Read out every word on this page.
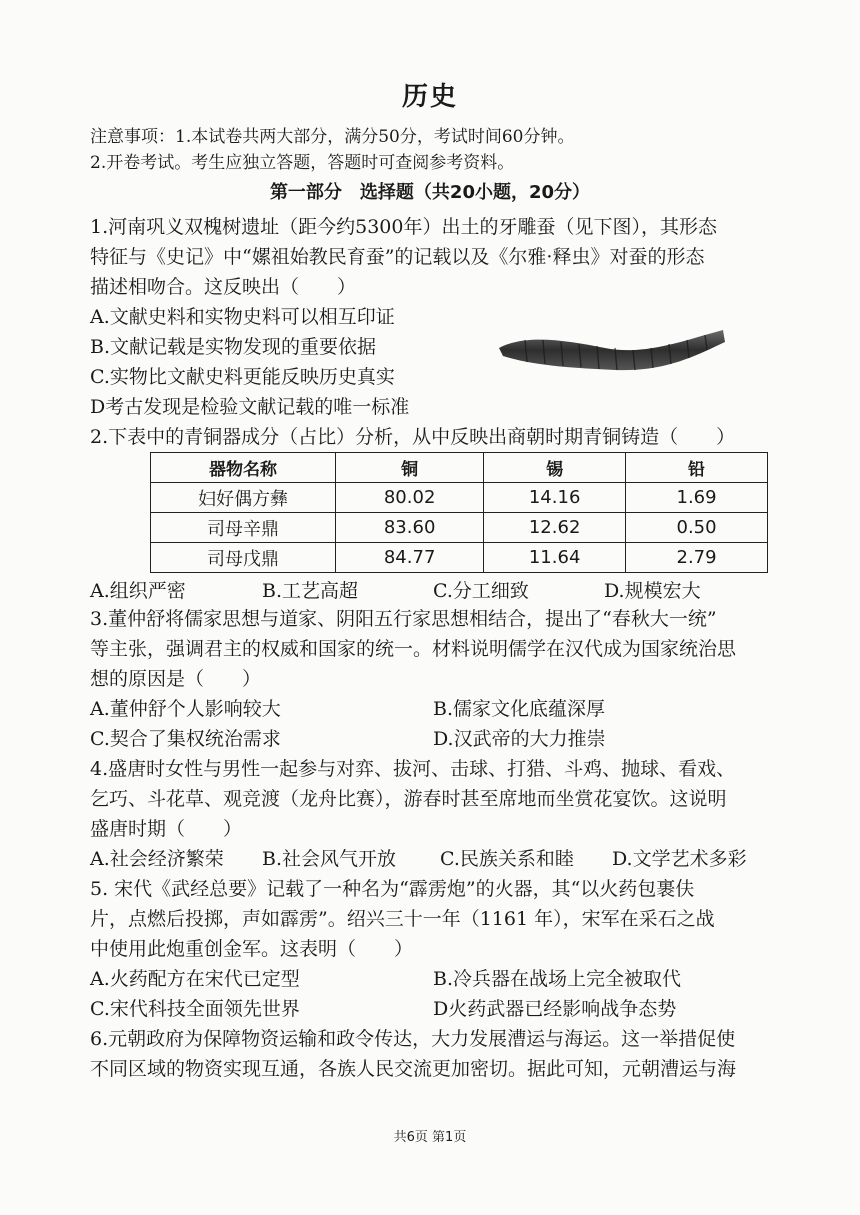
历史
注意事项：1.本试卷共两大部分，满分50分，考试时间60分钟。
2.开卷考试。考生应独立答题，答题时可查阅参考资料。
第一部分　选择题（共20小题，20分）
1.河南巩义双槐树遗址（距今约5300年）出土的牙雕蚕（见下图），其形态
特征与《史记》中“嫘祖始教民育蚕”的记载以及《尔雅·释虫》对蚕的形态
描述相吻合。这反映出（　　）
A.文献史料和实物史料可以相互印证
B.文献记载是实物发现的重要依据
C.实物比文献史料更能反映历史真实
D考古发现是检验文献记载的唯一标准
2.下表中的青铜器成分（占比）分析，从中反映出商朝时期青铜铸造（　　）
器物名称	铜	锡	铅
妇好偶方彝	80.02	14.16	1.69
司母辛鼎	83.60	12.62	0.50
司母戊鼎	84.77	11.64	2.79
A.组织严密	B.工艺高超	C.分工细致	D.规模宏大
3.董仲舒将儒家思想与道家、阴阳五行家思想相结合，提出了“春秋大一统”
等主张，强调君主的权威和国家的统一。材料说明儒学在汉代成为国家统治思
想的原因是（　　）
A.董仲舒个人影响较大	B.儒家文化底蕴深厚
C.契合了集权统治需求	D.汉武帝的大力推崇
4.盛唐时女性与男性一起参与对弈、拔河、击球、打猎、斗鸡、抛球、看戏、
乞巧、斗花草、观竞渡（龙舟比赛），游春时甚至席地而坐赏花宴饮。这说明
盛唐时期（　　）
A.社会经济繁荣 B.社会风气开放 C.民族关系和睦 D.文学艺术多彩
5. 宋代《武经总要》记载了一种名为“霹雳炮”的火器，其“以火药包裹伕
片，点燃后投掷，声如霹雳”。绍兴三十一年（1161 年），宋军在采石之战
中使用此炮重创金军。这表明（　　）
A.火药配方在宋代已定型	B.冷兵器在战场上完全被取代
C.宋代科技全面领先世界	D火药武器已经影响战争态势
6.元朝政府为保障物资运输和政令传达，大力发展漕运与海运。这一举措促使
不同区域的物资实现互通，各族人民交流更加密切。据此可知，元朝漕运与海
共6页 第1页
